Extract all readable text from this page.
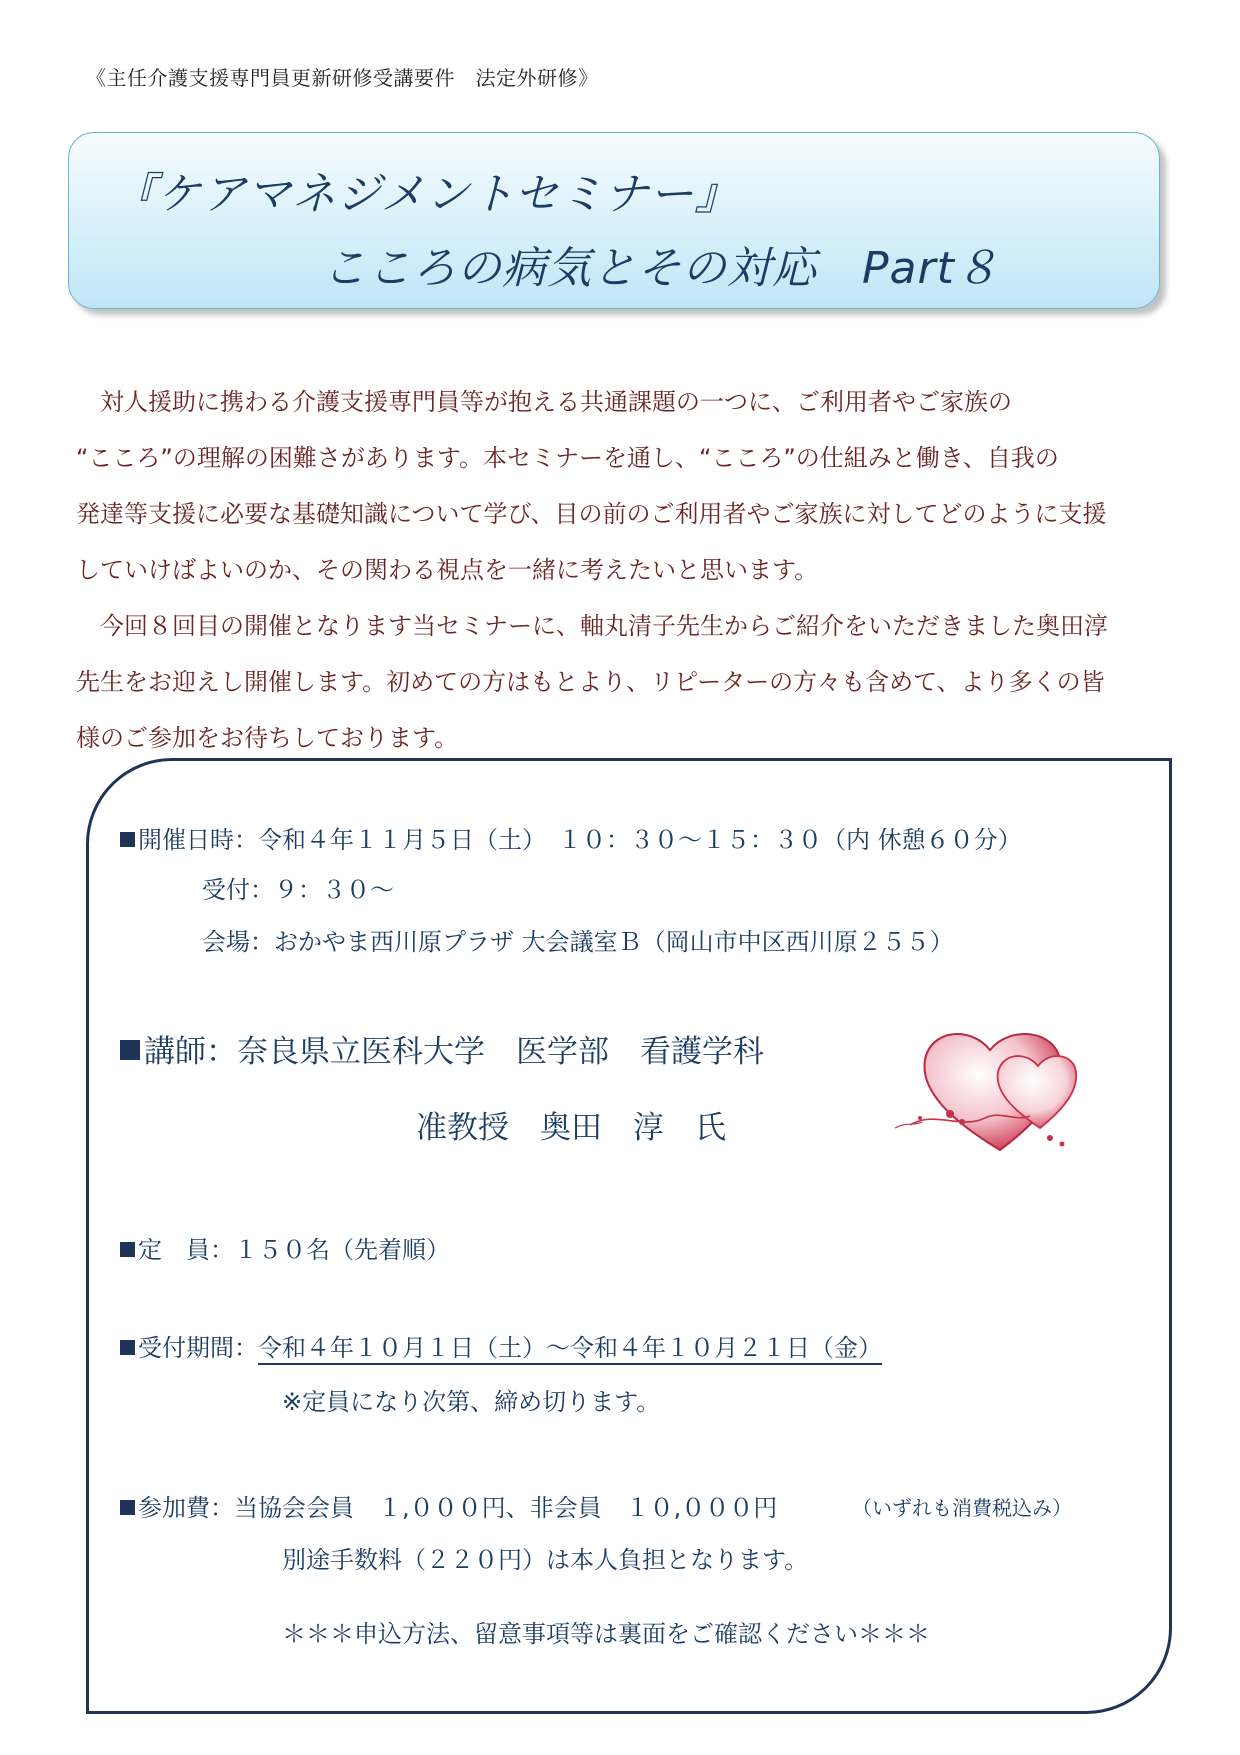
《主任介護支援専門員更新研修受講要件　法定外研修》
『ケアマネジメントセミナー』
こころの病気とその対応　Part８

　対人援助に携わる介護支援専門員等が抱える共通課題の一つに、ご利用者やご家族の

“こころ”の理解の困難さがあります。本セミナーを通し、“こころ”の仕組みと働き、自我の

発達等支援に必要な基礎知識について学び、目の前のご利用者やご家族に対してどのように支援

していけばよいのか、その関わる視点を一緒に考えたいと思います。

　今回８回目の開催となります当セミナーに、軸丸清子先生からご紹介をいただきました奥田淳

先生をお迎えし開催します。初めての方はもとより、リピーターの方々も含めて、より多くの皆

様のご参加をお待ちしております。

開催日時：令和４年１１月５日（土）　１０：３０～１５：３０（内 休憩６０分）
受付：９：３０～
会場：おかやま西川原プラザ 大会議室Ｂ（岡山市中区西川原２５５）
講師：奈良県立医科大学　医学部　看護学科
准教授　奥田　淳　氏
定　員：１５０名（先着順）
受付期間：令和４年１０月１日（土）～令和４年１０月２１日（金）
※定員になり次第、締め切ります。
参加費：当協会会員　１,０００円、非会員　１０,０００円	（いずれも消費税込み）
別途手数料（２２０円）は本人負担となります。
＊＊＊申込方法、留意事項等は裏面をご確認ください＊＊＊
